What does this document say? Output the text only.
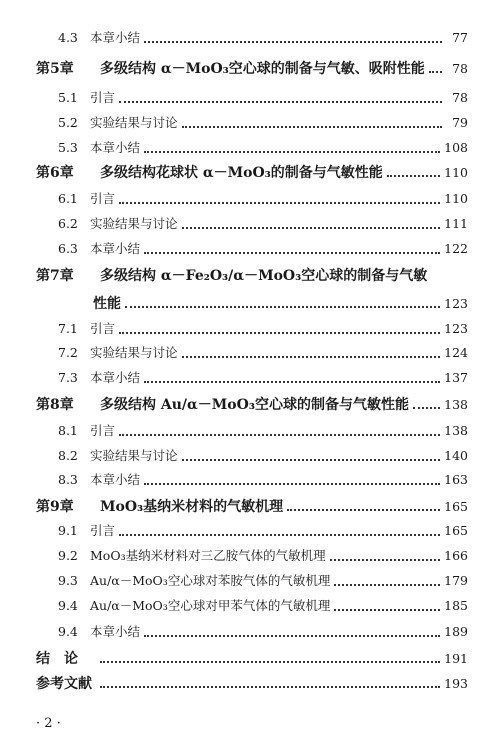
4.3 本章小结	77
第5章	多级结构 α－MoO₃空心球的制备与气敏、吸附性能	78
5.1 引言	78
5.2 实验结果与讨论	79
5.3 本章小结	108
第6章	多级结构花球状 α－MoO₃的制备与气敏性能	110
6.1 引言	110
6.2 实验结果与讨论	111
6.3 本章小结	122
第7章	多级结构 α－Fe₂O₃/α－MoO₃空心球的制备与气敏
性能	123
7.1 引言	123
7.2 实验结果与讨论	124
7.3 本章小结	137
第8章	多级结构 Au/α－MoO₃空心球的制备与气敏性能	138
8.1 引言	138
8.2 实验结果与讨论	140
8.3 本章小结	163
第9章	MoO₃基纳米材料的气敏机理	165
9.1 引言	165
9.2 MoO₃基纳米材料对三乙胺气体的气敏机理	166
9.3 Au/α－MoO₃空心球对苯胺气体的气敏机理	179
9.4 Au/α－MoO₃空心球对甲苯气体的气敏机理	185
9.4 本章小结	189
结　论	191
参考文献	193
· 2 ·
